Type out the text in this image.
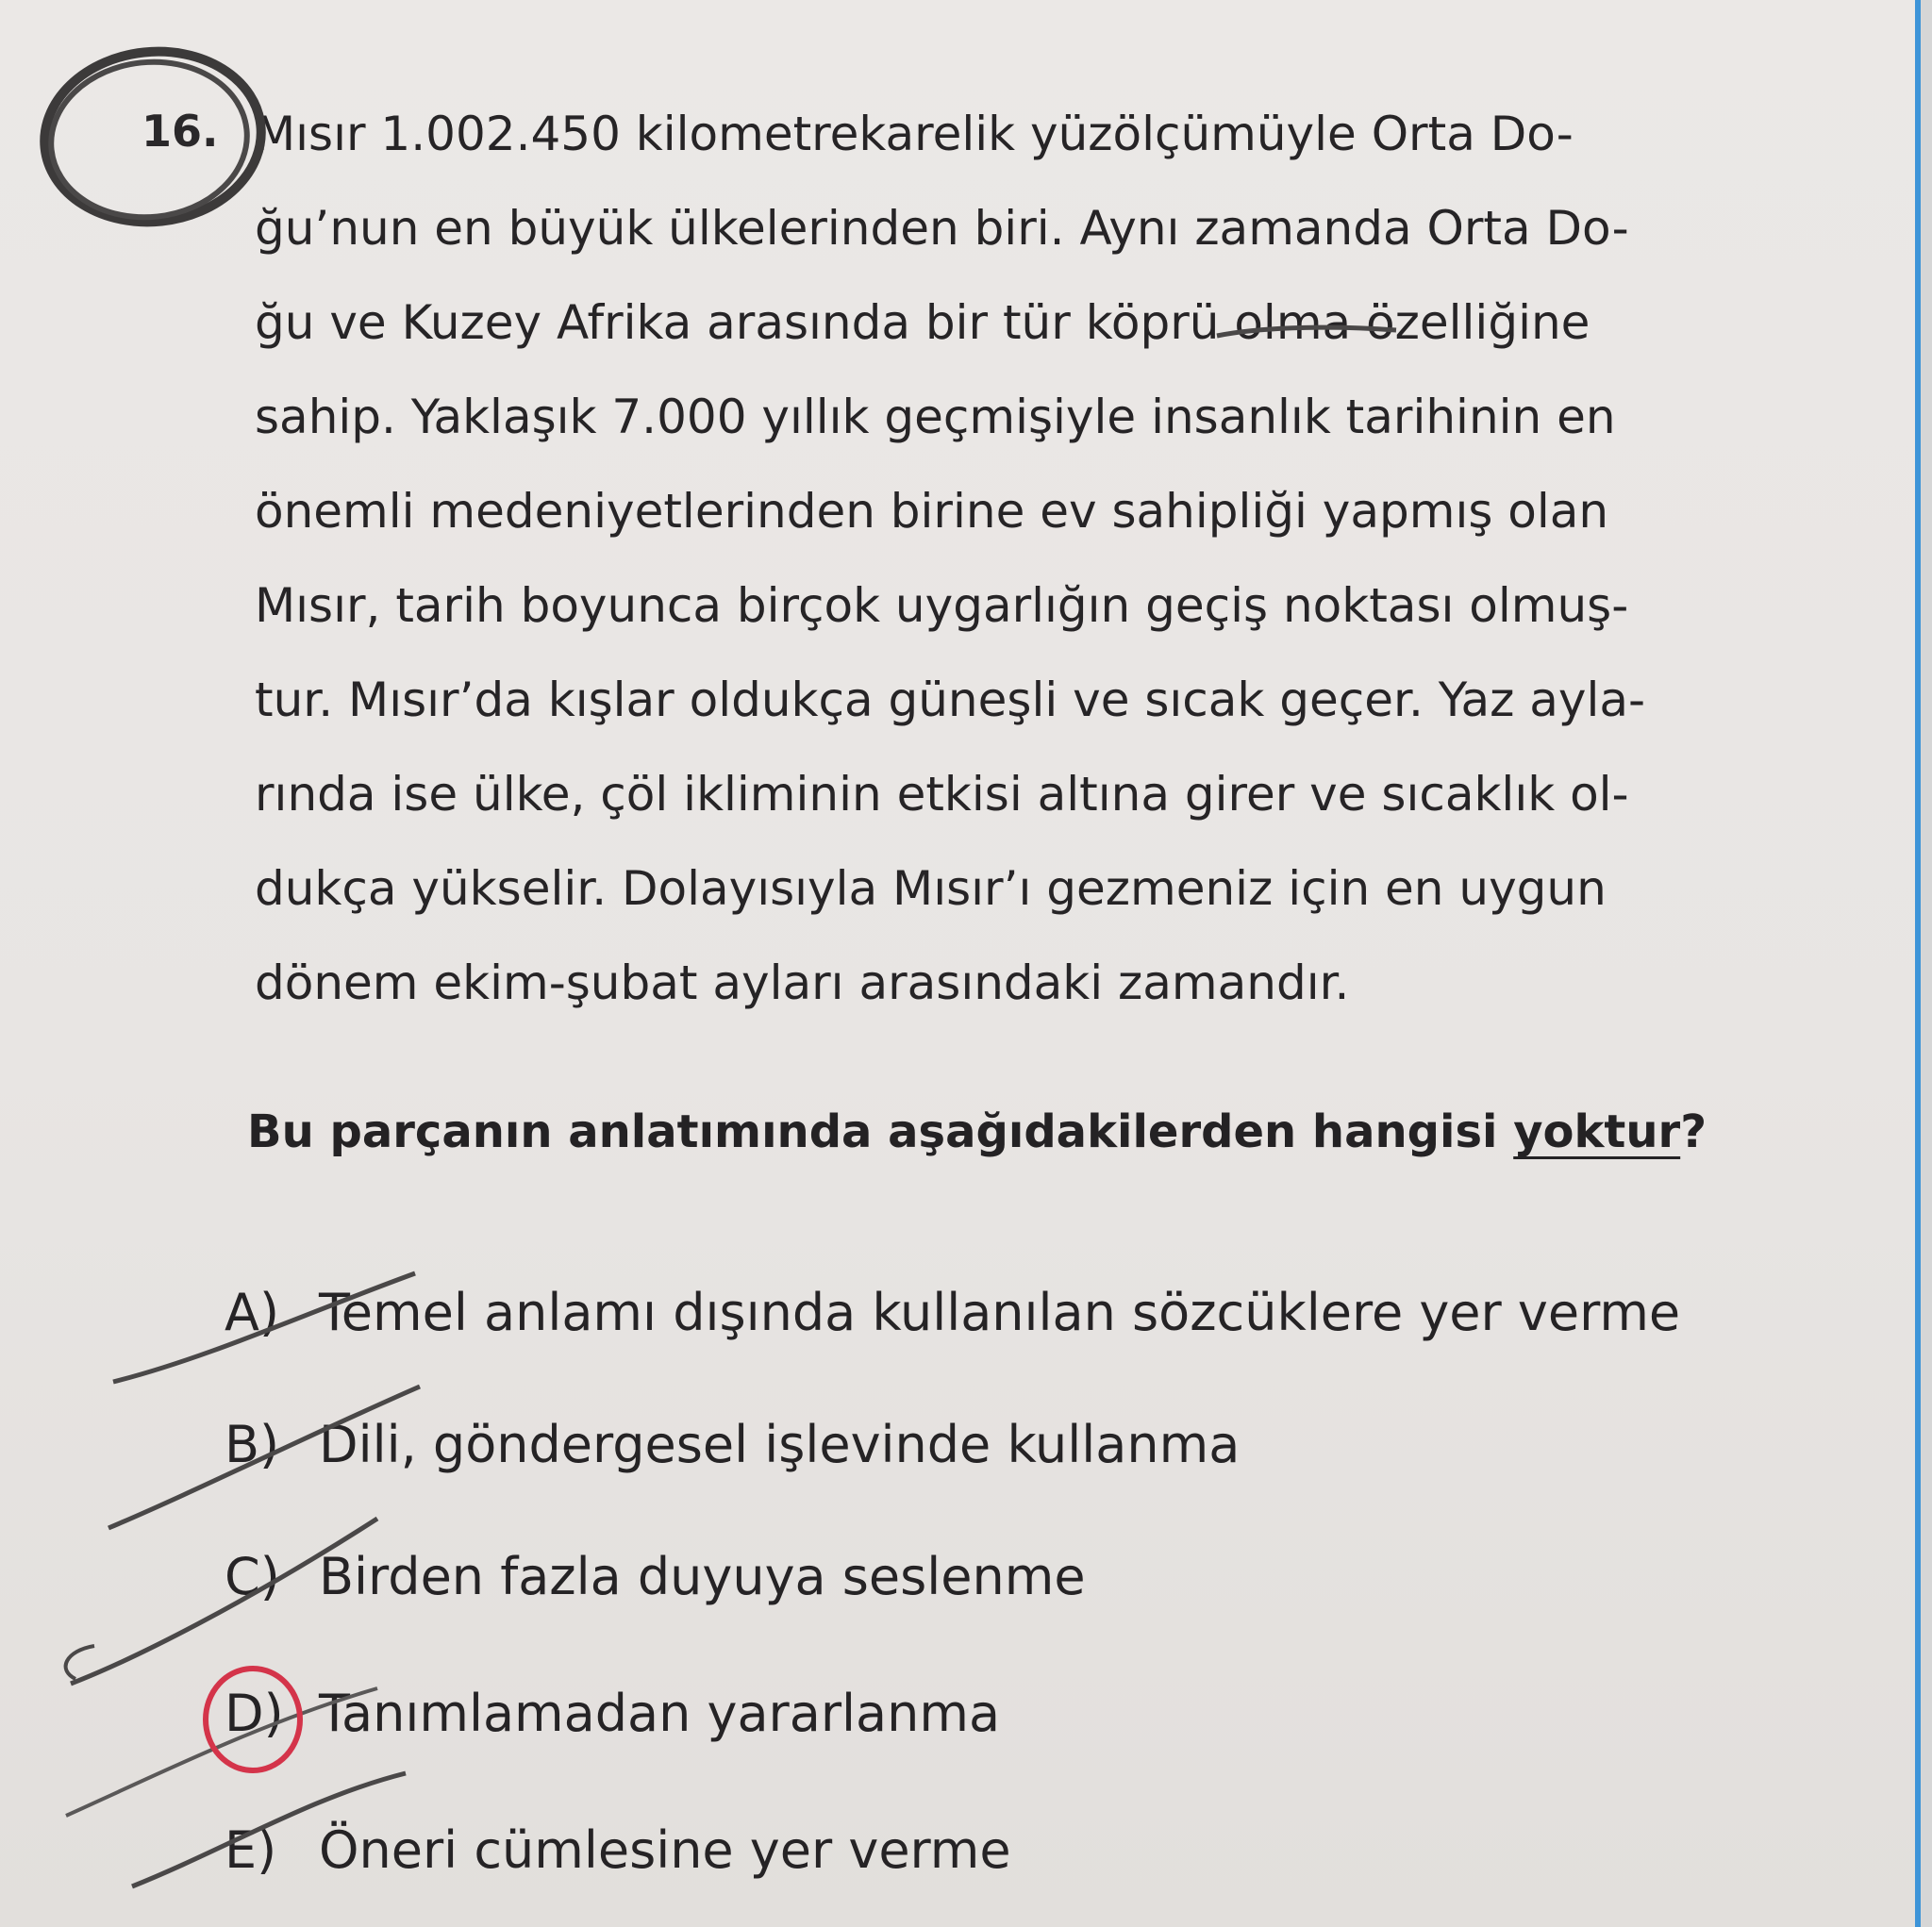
16. Mısır 1.002.450 kilometrekarelik yüzölçümüyle Orta Do-
ğu’nun en büyük ülkelerinden biri. Aynı zamanda Orta Do-
ğu ve Kuzey Afrika arasında bir tür köprü olma özelliğine
sahip. Yaklaşık 7.000 yıllık geçmişiyle insanlık tarihinin en
önemli medeniyetlerinden birine ev sahipliği yapmış olan
Mısır, tarih boyunca birçok uygarlığın geçiş noktası olmuş-
tur. Mısır’da kışlar oldukça güneşli ve sıcak geçer. Yaz ayla-
rında ise ülke, çöl ikliminin etkisi altına girer ve sıcaklık ol-
dukça yükselir. Dolayısıyla Mısır’ı gezmeniz için en uygun
dönem ekim-şubat ayları arasındaki zamandır.
Bu parçanın anlatımında aşağıdakilerden hangisi yoktur?
A) Temel anlamı dışında kullanılan sözcüklere yer verme
B) Dili, göndergesel işlevinde kullanma
C) Birden fazla duyuya seslenme
D) Tanımlamadan yararlanma
E) Öneri cümlesine yer verme
